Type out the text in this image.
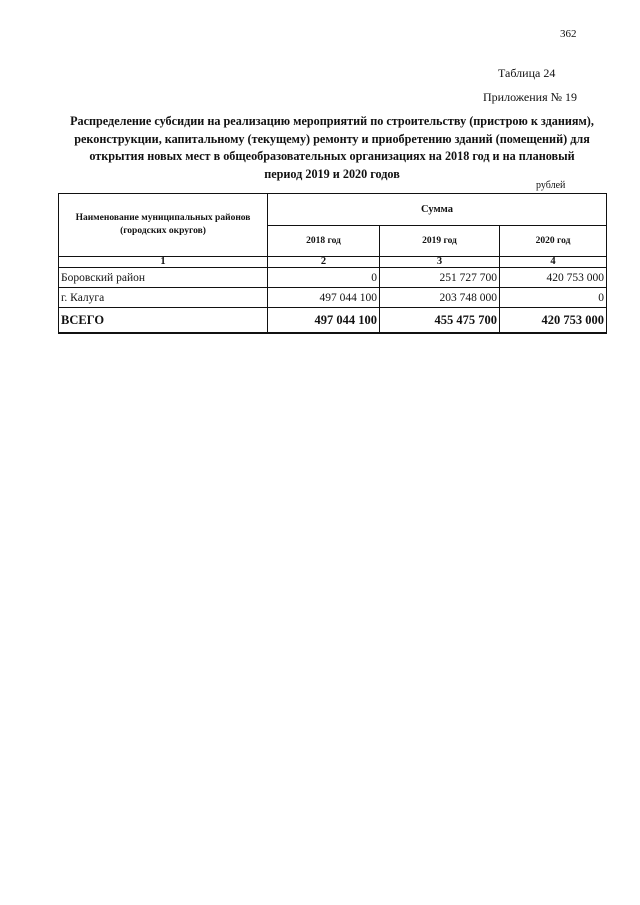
362
Таблица 24
Приложения № 19
Распределение субсидии на реализацию мероприятий по строительству (пристрою к зданиям),
реконструкции, капитальному (текущему) ремонту и приобретению зданий (помещений) для
открытия новых мест в общеобразовательных организациях на 2018 год и на плановый
период 2019 и 2020 годов
рублей
Наименование муниципальных районов (городских округов)	Сумма		
	2018 год	2019 год	2020 год
1	2	3	4
Боровский район	0	251 727 700	420 753 000
г. Калуга	497 044 100	203 748 000	0
ВСЕГО	497 044 100	455 475 700	420 753 000
